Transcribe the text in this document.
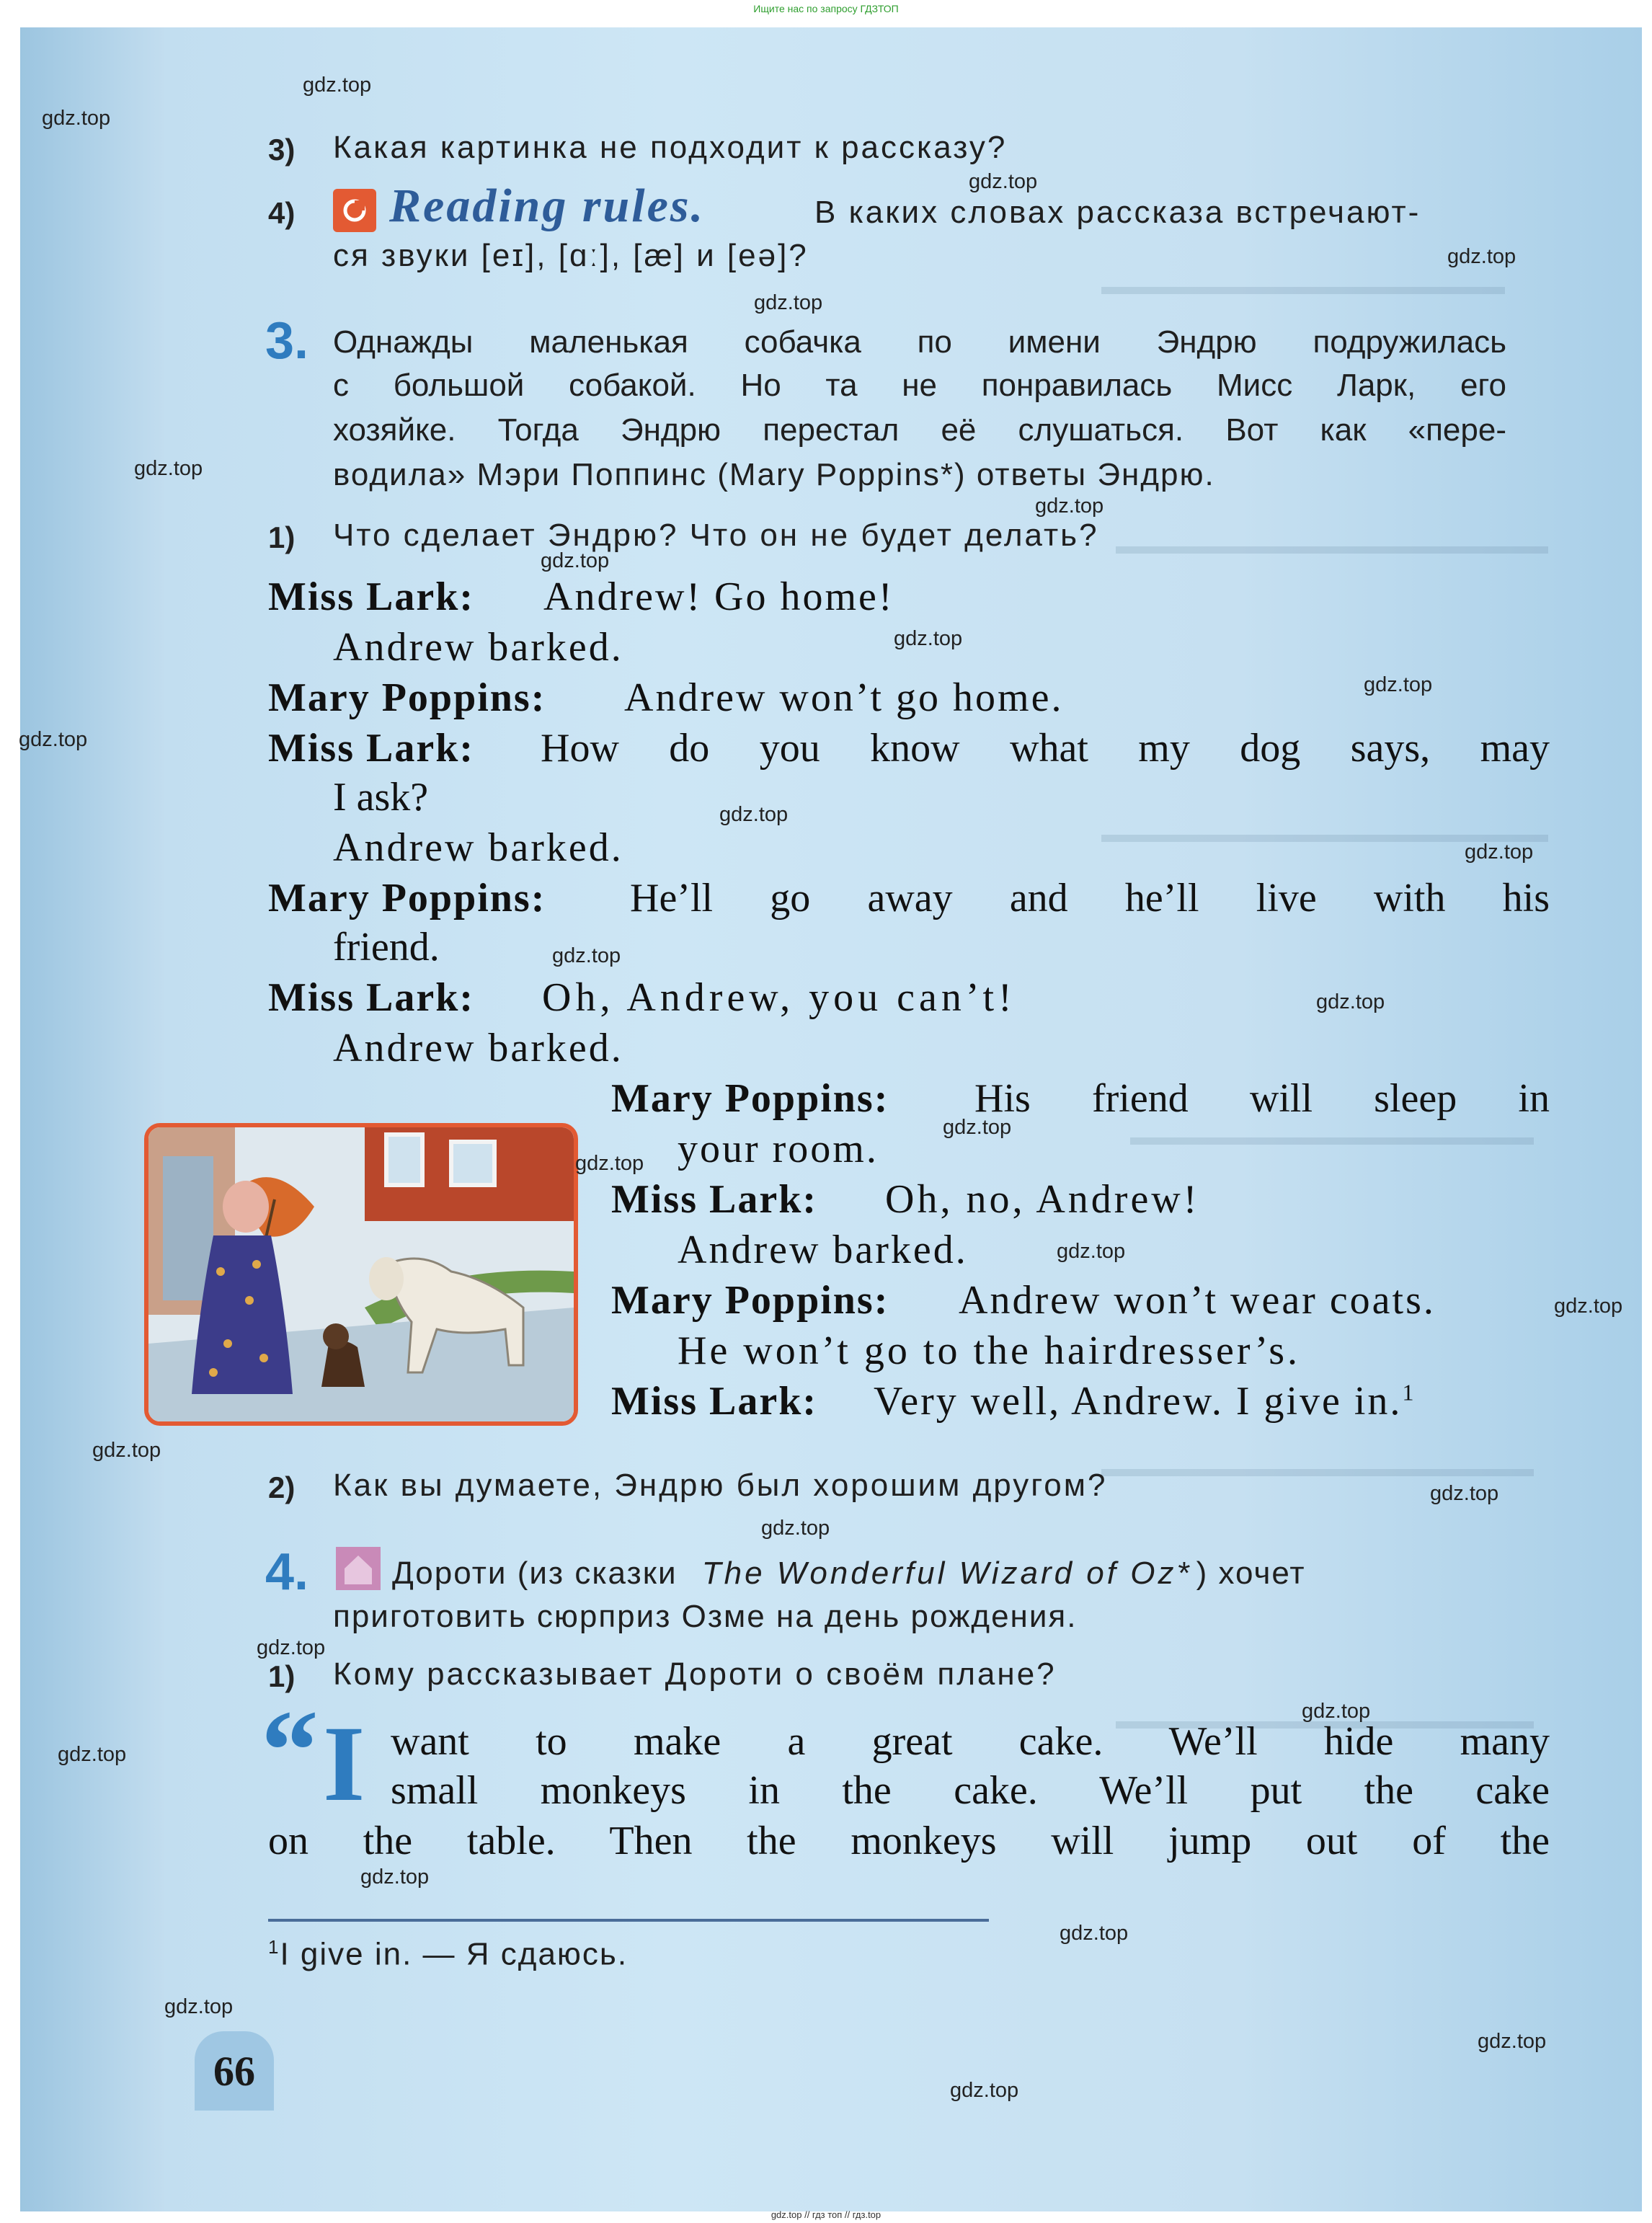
Ищите нас по запросу ГДЗТОП
3) Какая картинка не подходит к рассказу?
4) Reading rules.	В каких словах рассказа встречают-
ся звуки [eɪ], [ɑː], [æ] и [eə]?
3. Однажды маленькая собачка по имени Эндрю подружилась
с большой собакой. Но та не понравилась Мисс Ларк, его
хозяйке. Тогда Эндрю перестал её слушаться. Вот как «пере-
водила» Мэри Поппинс (Mary Poppins*) ответы Эндрю.
1) Что сделает Эндрю? Что он не будет делать?
Miss Lark: Andrew! Go home!
Andrew barked.
Mary Poppins: Andrew won’t go home.
Miss Lark: How do you know what my dog says, may
I ask?
Andrew barked.
Mary Poppins: He’ll go away and he’ll live with his
friend.
Miss Lark: Oh, Andrew, you can’t!
Andrew barked.
Mary Poppins: His friend will sleep in
your room.
Miss Lark: Oh, no, Andrew!
Andrew barked.
Mary Poppins: Andrew won’t wear coats.
He won’t go to the hairdresser’s.
Miss Lark: Very well, Andrew. I give in.$^1$
2) Как вы думаете, Эндрю был хорошим другом?
4.	Дороти (из сказки The Wonderful Wizard of Oz* ) хочет
приготовить сюрприз Озме на день рождения.
1) Кому рассказывает Дороти о своём плане?
“ I want to make a great cake. We’ll hide many
small monkeys in the cake. We’ll put the cake
on the table. Then the monkeys will jump out of the
$^1$I give in. — Я сдаюсь.
66
gdz.top
gdz.top
gdz.top
gdz.top
gdz.top
gdz.top
gdz.top
gdz.top
gdz.top
gdz.top
gdz.top
gdz.top
gdz.top
gdz.top
gdz.top
gdz.top
gdz.top
gdz.top
gdz.top
gdz.top
gdz.top
gdz.top
gdz.top
gdz.top
gdz.top
gdz.top
gdz.top
gdz.top
gdz.top
gdz.top
gdz.top // гдз топ // гдз.top
